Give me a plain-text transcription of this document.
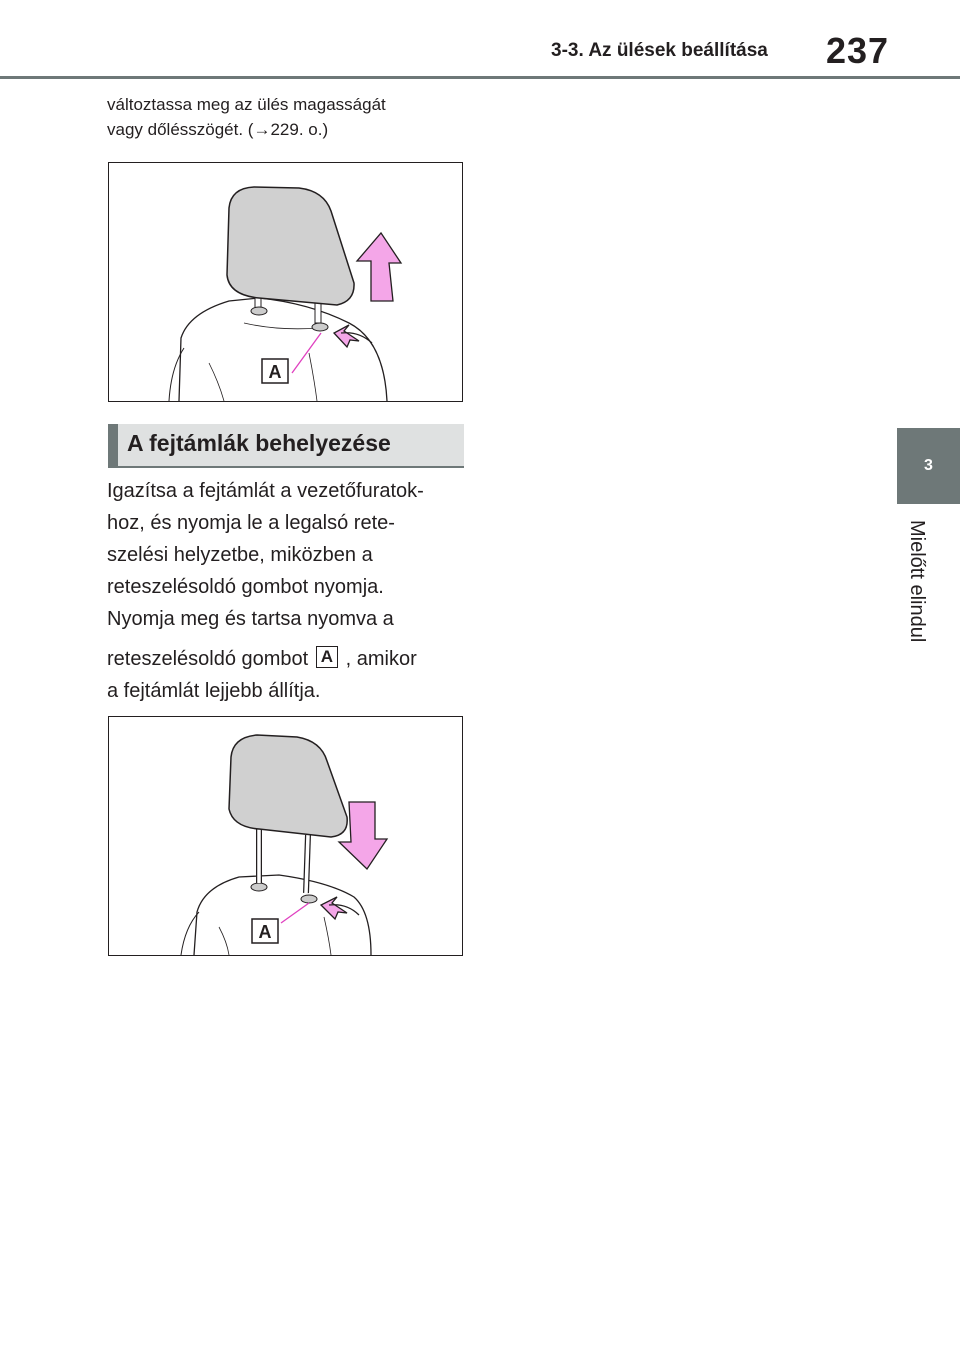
3-3. Az ülések beállítása 237
3
Mielőtt elindul
változtassa meg az ülés magasságát
vagy dőlésszögét. (→229. o.)
A
A fejtámlák behelyezése

Igazítsa a fejtámlát a vezetőfuratok-

hoz, és nyomja le a legalsó rete-

szelési helyzetbe, miközben a

reteszelésoldó gombot nyomja.

Nyomja meg és tartsa nyomva a

reteszelésoldó gombot A , amikor

a fejtámlát lejjebb állítja.

A
